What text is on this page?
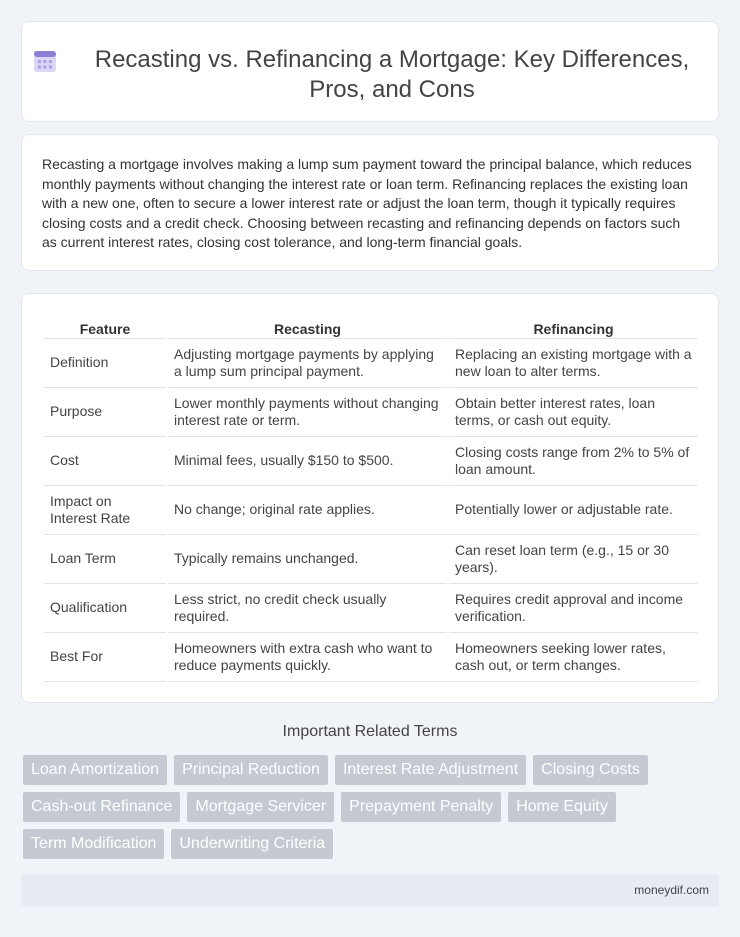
Recasting vs. Refinancing a Mortgage: Key Differences, Pros, and Cons

Recasting a mortgage involves making a lump sum payment toward the principal balance, which reduces monthly payments without changing the interest rate or loan term. Refinancing replaces the existing loan with a new one, often to secure a lower interest rate or adjust the loan term, though it typically requires closing costs and a credit check. Choosing between recasting and refinancing depends on factors such as current interest rates, closing cost tolerance, and long-term financial goals.

Feature	Recasting	Refinancing
Definition	Adjusting mortgage payments by applying a lump sum principal payment.	Replacing an existing mortgage with a new loan to alter terms.
Purpose	Lower monthly payments without changing interest rate or term.	Obtain better interest rates, loan terms, or cash out equity.
Cost	Minimal fees, usually $150 to $500.	Closing costs range from 2% to 5% of loan amount.
Impact on Interest Rate	No change; original rate applies.	Potentially lower or adjustable rate.
Loan Term	Typically remains unchanged.	Can reset loan term (e.g., 15 or 30 years).
Qualification	Less strict, no credit check usually required.	Requires credit approval and income verification.
Best For	Homeowners with extra cash who want to reduce payments quickly.	Homeowners seeking lower rates, cash out, or term changes.
Important Related Terms
Loan Amortization	Principal Reduction	Interest Rate Adjustment	Closing Costs
Cash-out Refinance	Mortgage Servicer	Prepayment Penalty	Home Equity
Term Modification	Underwriting Criteria
moneydif.com
